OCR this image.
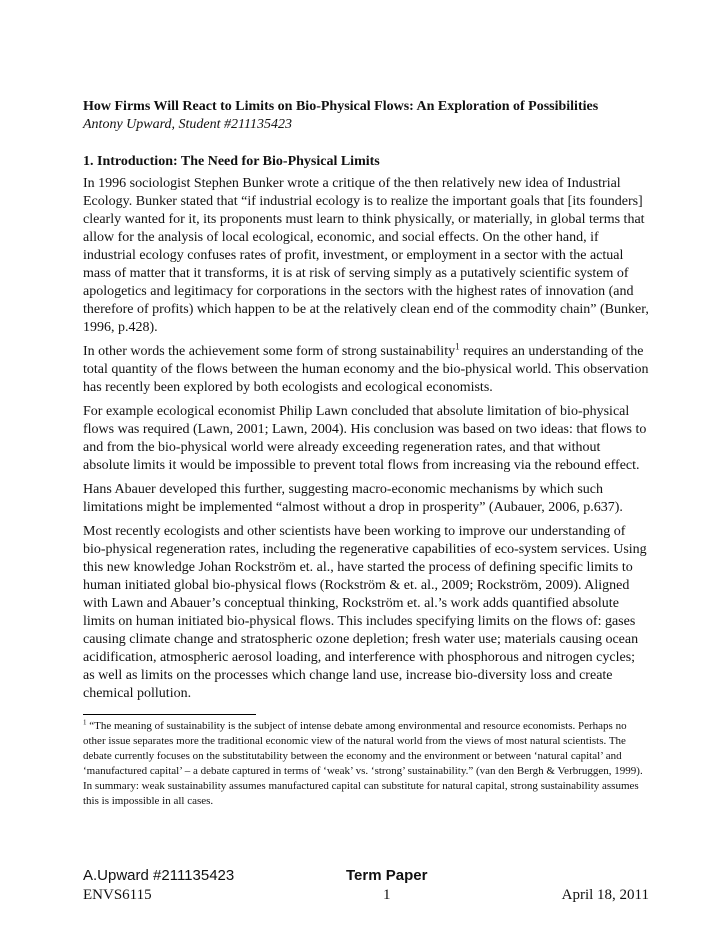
How Firms Will React to Limits on Bio-Physical Flows: An Exploration of Possibilities

Antony Upward, Student #211135423

1. Introduction: The Need for Bio-Physical Limits

In 1996 sociologist Stephen Bunker wrote a critique of the then relatively new idea of Industrial Ecology. Bunker stated that “if industrial ecology is to realize the important goals that [its founders] clearly wanted for it, its proponents must learn to think physically, or materially, in global terms that allow for the analysis of local ecological, economic, and social effects. On the other hand, if industrial ecology confuses rates of profit, investment, or employment in a sector with the actual mass of matter that it transforms, it is at risk of serving simply as a putatively scientific system of apologetics and legitimacy for corporations in the sectors with the highest rates of innovation (and therefore of profits) which happen to be at the relatively clean end of the commodity chain” (Bunker, 1996, p.428).

In other words the achievement some form of strong sustainability$^1$ requires an understanding of the total quantity of the flows between the human economy and the bio-physical world. This observation has recently been explored by both ecologists and ecological economists.

For example ecological economist Philip Lawn concluded that absolute limitation of bio-physical flows was required (Lawn, 2001; Lawn, 2004). His conclusion was based on two ideas: that flows to and from the bio-physical world were already exceeding regeneration rates, and that without absolute limits it would be impossible to prevent total flows from increasing via the rebound effect.

Hans Abauer developed this further, suggesting macro-economic mechanisms by which such limitations might be implemented “almost without a drop in prosperity” (Aubauer, 2006, p.637).

Most recently ecologists and other scientists have been working to improve our understanding of bio-physical regeneration rates, including the regenerative capabilities of eco-system services. Using this new knowledge Johan Rockström et. al., have started the process of defining specific limits to human initiated global bio-physical flows (Rockström & et. al., 2009; Rockström, 2009). Aligned with Lawn and Abauer’s conceptual thinking, Rockström et. al.’s work adds quantified absolute limits on human initiated bio-physical flows. This includes specifying limits on the flows of: gases causing climate change and stratospheric ozone depletion; fresh water use; materials causing ocean acidification, atmospheric aerosol loading, and interference with phosphorous and nitrogen cycles; as well as limits on the processes which change land use, increase bio-diversity loss and create chemical pollution.

$^1$ “The meaning of sustainability is the subject of intense debate among environmental and resource economists. Perhaps no other issue separates more the traditional economic view of the natural world from the views of most natural scientists. The debate currently focuses on the substitutability between the economy and the environment or between ‘natural capital’ and ‘manufactured capital’ – a debate captured in terms of ‘weak’ vs. ‘strong’ sustainability.” (van den Bergh & Verbruggen, 1999). In summary: weak sustainability assumes manufactured capital can substitute for natural capital, strong sustainability assumes this is impossible in all cases.

A.Upward #211135423	Term Paper
ENVS6115	1	April 18, 2011
